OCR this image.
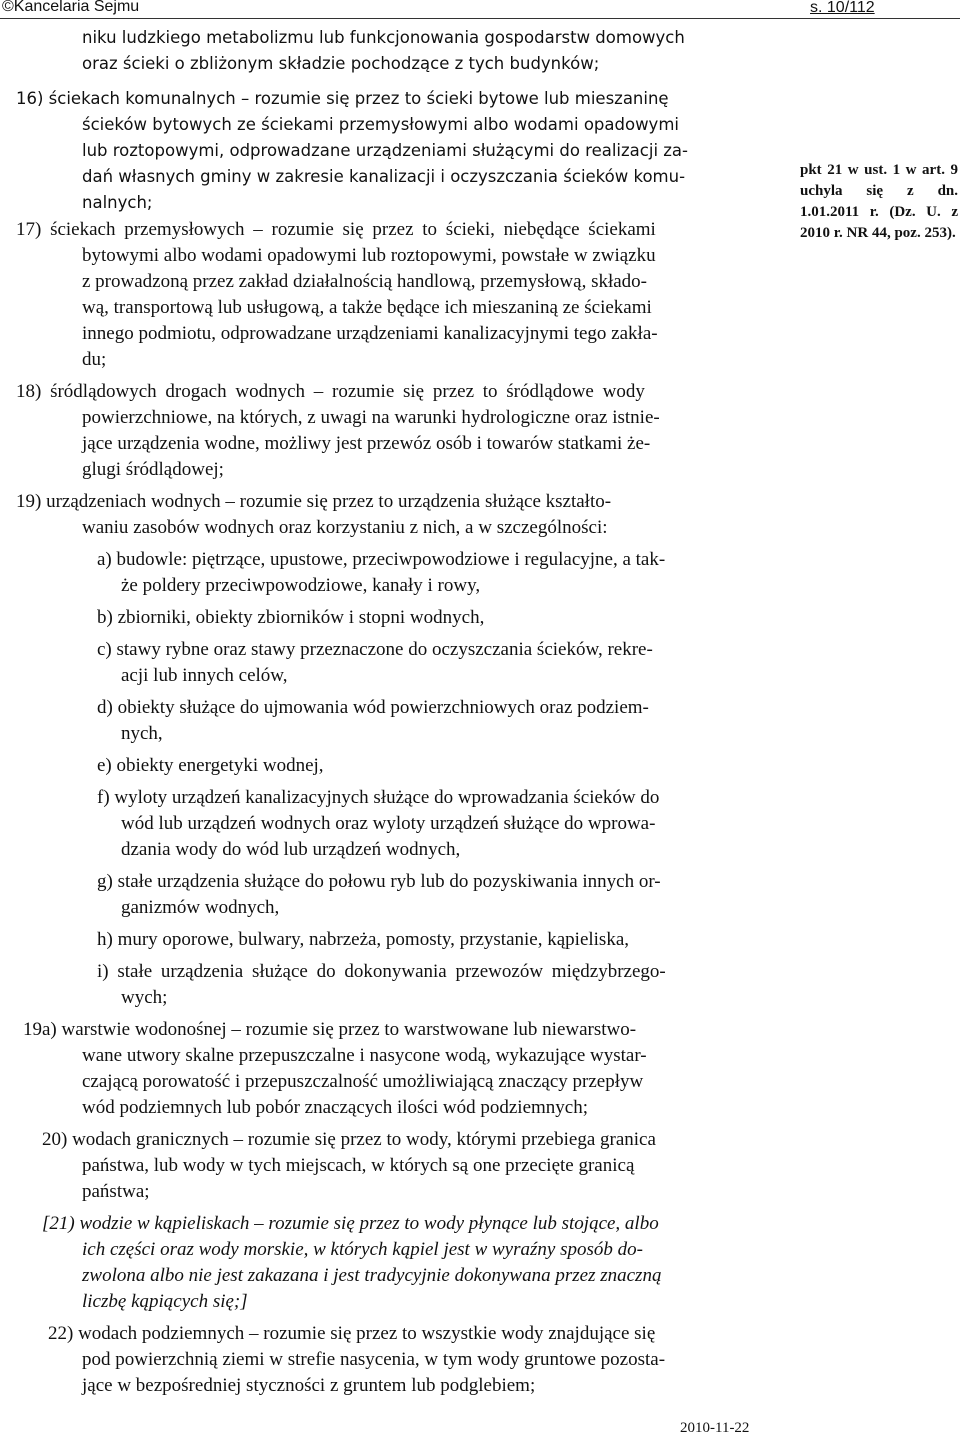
©Kancelaria Sejmu	s. 10/112
niku ludzkiego metabolizmu lub funkcjonowania gospodarstw domowych
oraz ścieki o zbliżonym składzie pochodzące z tych budynków;
16) ściekach komunalnych – rozumie się przez to ścieki bytowe lub mieszaninę
ścieków bytowych ze ściekami przemysłowymi albo wodami opadowymi
lub roztopowymi, odprowadzane urządzeniami służącymi do realizacji za-
dań własnych gminy w zakresie kanalizacji i oczyszczania ścieków komu-
nalnych;
17) ściekach przemysłowych – rozumie się przez to ścieki, niebędące ściekami
bytowymi albo wodami opadowymi lub roztopowymi, powstałe w związku
z prowadzoną przez zakład działalnością handlową, przemysłową, składo-
wą, transportową lub usługową, a także będące ich mieszaniną ze ściekami
innego podmiotu, odprowadzane urządzeniami kanalizacyjnymi tego zakła-
du;
18) śródlądowych drogach wodnych – rozumie się przez to śródlądowe wody
powierzchniowe, na których, z uwagi na warunki hydrologiczne oraz istnie-
jące urządzenia wodne, możliwy jest przewóz osób i towarów statkami że-
glugi śródlądowej;
19) urządzeniach wodnych – rozumie się przez to urządzenia służące kształto-
waniu zasobów wodnych oraz korzystaniu z nich, a w szczególności:
a) budowle: piętrzące, upustowe, przeciwpowodziowe i regulacyjne, a tak-
że poldery przeciwpowodziowe, kanały i rowy,
b) zbiorniki, obiekty zbiorników i stopni wodnych,
c) stawy rybne oraz stawy przeznaczone do oczyszczania ścieków, rekre-
acji lub innych celów,
d) obiekty służące do ujmowania wód powierzchniowych oraz podziem-
nych,
e) obiekty energetyki wodnej,
f) wyloty urządzeń kanalizacyjnych służące do wprowadzania ścieków do
wód lub urządzeń wodnych oraz wyloty urządzeń służące do wprowa-
dzania wody do wód lub urządzeń wodnych,
g) stałe urządzenia służące do połowu ryb lub do pozyskiwania innych or-
ganizmów wodnych,
h) mury oporowe, bulwary, nabrzeża, pomosty, przystanie, kąpieliska,
i) stałe urządzenia służące do dokonywania przewozów międzybrzego-
wych;
19a) warstwie wodonośnej – rozumie się przez to warstwowane lub niewarstwo-
wane utwory skalne przepuszczalne i nasycone wodą, wykazujące wystar-
czającą porowatość i przepuszczalność umożliwiającą znaczący przepływ
wód podziemnych lub pobór znaczących ilości wód podziemnych;
20) wodach granicznych – rozumie się przez to wody, którymi przebiega granica
państwa, lub wody w tych miejscach, w których są one przecięte granicą
państwa;
[21) wodzie w kąpieliskach – rozumie się przez to wody płynące lub stojące, albo
ich części oraz wody morskie, w których kąpiel jest w wyraźny sposób do-
zwolona albo nie jest zakazana i jest tradycyjnie dokonywana przez znaczną
liczbę kąpiących się;]
22) wodach podziemnych – rozumie się przez to wszystkie wody znajdujące się
pod powierzchnią ziemi w strefie nasycenia, w tym wody gruntowe pozosta-
jące w bezpośredniej styczności z gruntem lub podglebiem;
pkt 21 w ust. 1 w art. 9 uchyla się z dn. 1.01.2011 r. (Dz. U. z 2010 r. NR 44, poz. 253).
2010-11-22
